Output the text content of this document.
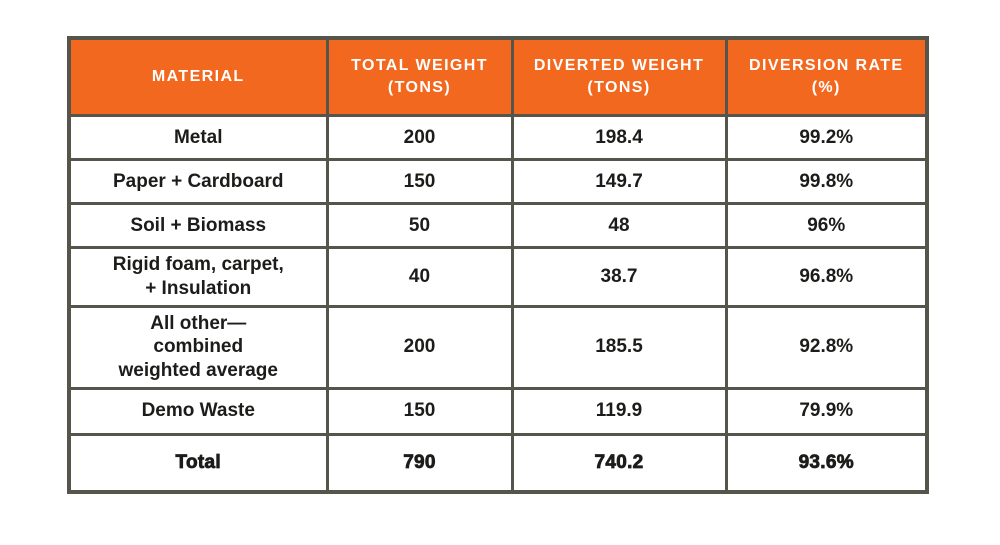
MATERIAL	TOTAL WEIGHT (TONS)	DIVERTED WEIGHT (TONS)	DIVERSION RATE (%)
Metal	200	198.4	99.2%
Paper + Cardboard	150	149.7	99.8%
Soil + Biomass	50	48	96%
Rigid foam, carpet, + Insulation	40	38.7	96.8%
All other—combined weighted average	200	185.5	92.8%
Demo Waste	150	119.9	79.9%
Total	790	740.2	93.6%
